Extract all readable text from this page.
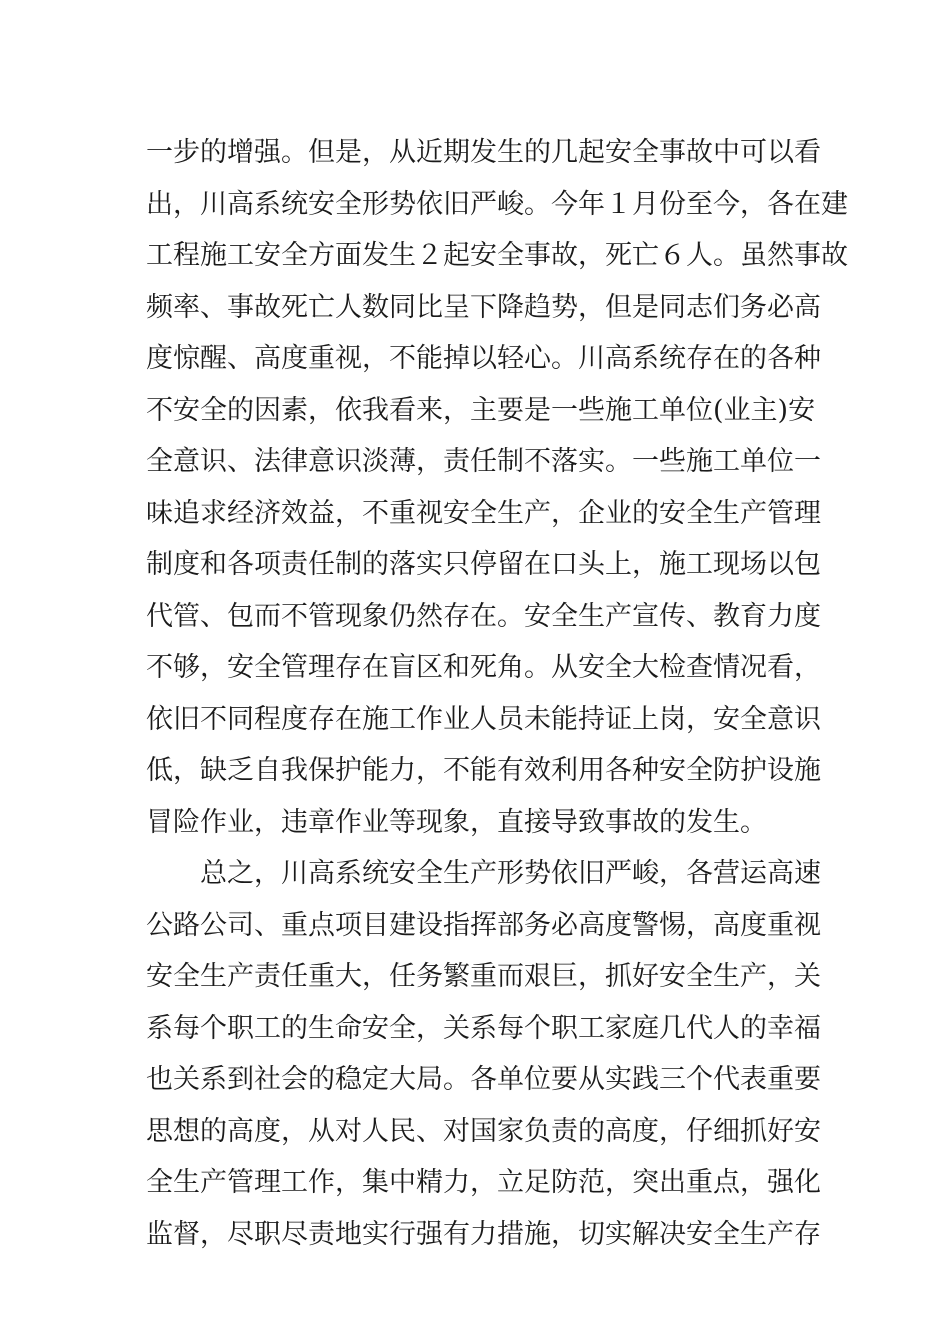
一步的增强。但是，从近期发生的几起安全事故中可以看
出，川高系统安全形势依旧严峻。今年１月份至今，各在建
工程施工安全方面发生２起安全事故，死亡６人。虽然事故
频率、事故死亡人数同比呈下降趋势，但是同志们务必高
度惊醒、高度重视，不能掉以轻心。川高系统存在的各种
不安全的因素，依我看来，主要是一些施工单位(业主)安
全意识、法律意识淡薄，责任制不落实。一些施工单位一
味追求经济效益，不重视安全生产，企业的安全生产管理
制度和各项责任制的落实只停留在口头上，施工现场以包
代管、包而不管现象仍然存在。安全生产宣传、教育力度
不够，安全管理存在盲区和死角。从安全大检查情况看，
依旧不同程度存在施工作业人员未能持证上岗，安全意识
低，缺乏自我保护能力，不能有效利用各种安全防护设施
冒险作业，违章作业等现象，直接导致事故的发生。
总之，川高系统安全生产形势依旧严峻，各营运高速
公路公司、重点项目建设指挥部务必高度警惕，高度重视
安全生产责任重大，任务繁重而艰巨，抓好安全生产，关
系每个职工的生命安全，关系每个职工家庭几代人的幸福
也关系到社会的稳定大局。各单位要从实践三个代表重要
思想的高度，从对人民、对国家负责的高度，仔细抓好安
全生产管理工作，集中精力，立足防范，突出重点，强化
监督，尽职尽责地实行强有力措施，切实解决安全生产存
